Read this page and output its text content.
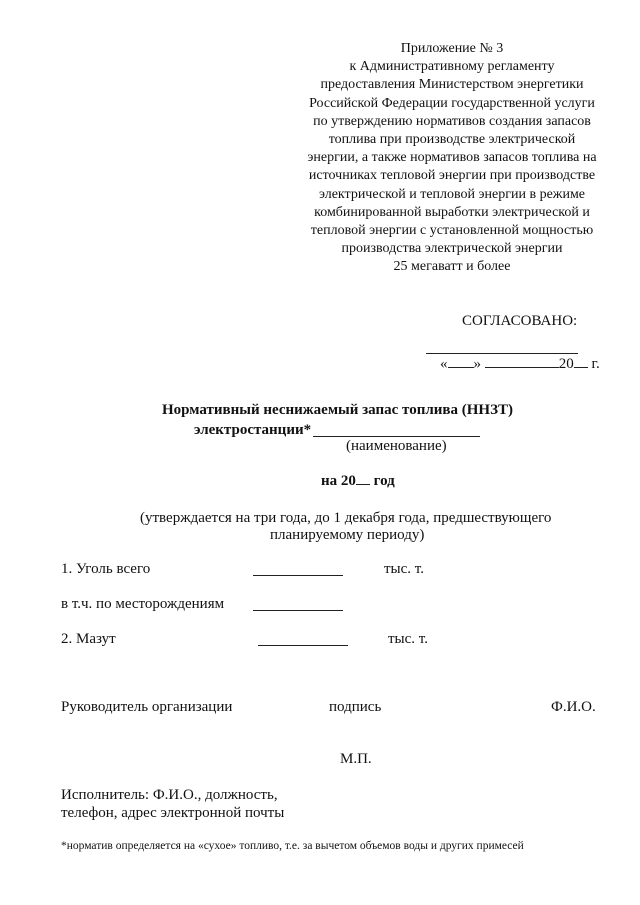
Приложение № 3
к Административному регламенту
предоставления Министерством энергетики
Российской Федерации государственной услуги
по утверждению нормативов создания запасов
топлива при производстве электрической
энергии, а также нормативов запасов топлива на
источниках тепловой энергии при производстве
электрической и тепловой энергии в режиме
комбинированной выработки электрической и
тепловой энергии с установленной мощностью
производства электрической энергии
25 мегаватт и более
СОГЛАСОВАНО:
« »	20 г.
Нормативный неснижаемый запас топлива (ННЗТ)
электростанции*
(наименование)
на 20 год
(утверждается на три года, до 1 декабря года, предшествующего
планируемому периоду)
1. Уголь всего	тыс. т.
в т.ч. по месторождениям
2. Мазут	тыс. т.
Руководитель организации	подпись	Ф.И.О.
М.П.
Исполнитель: Ф.И.О., должность,
телефон, адрес электронной почты
*норматив определяется на «сухое» топливо, т.е. за вычетом объемов воды и других примесей
